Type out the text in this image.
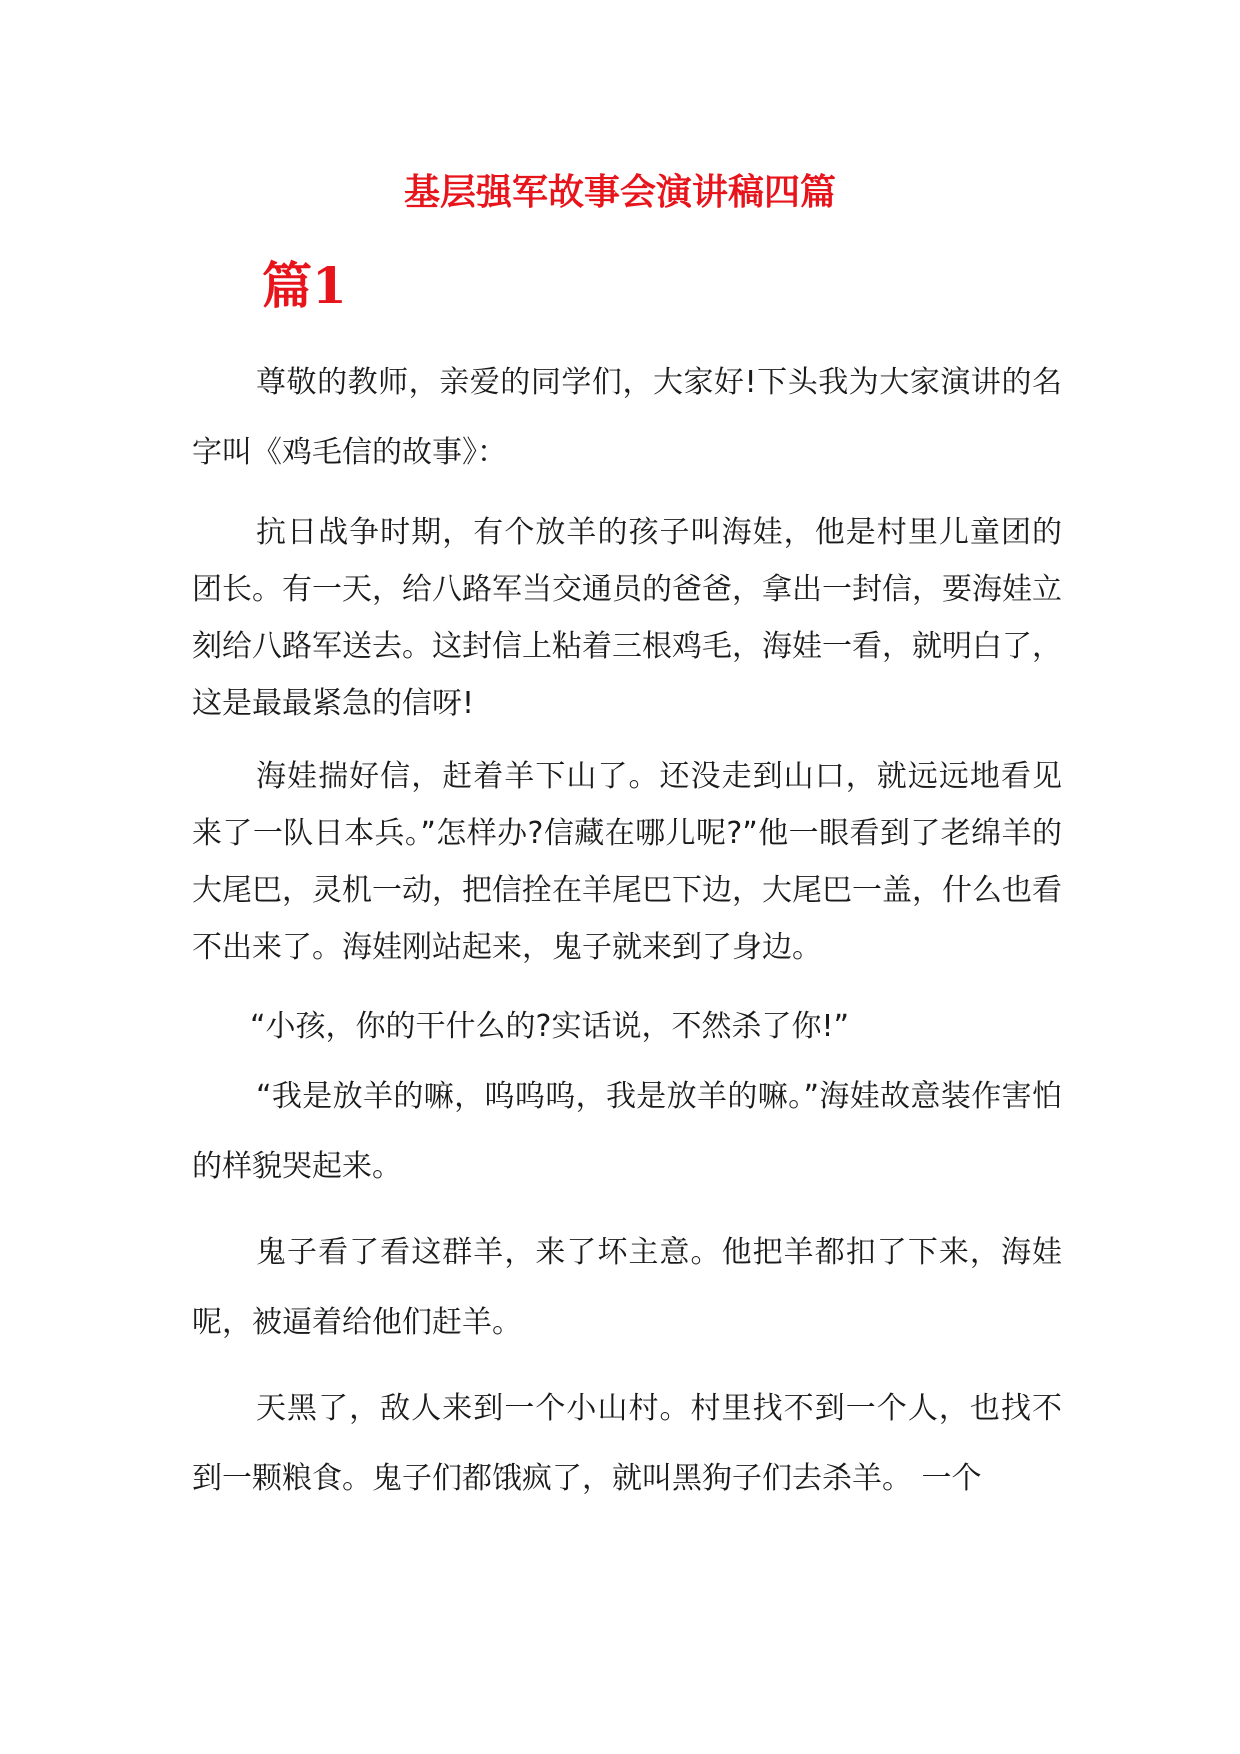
基层强军故事会演讲稿四篇
篇1

尊敬的教师，亲爱的同学们，大家好!下头我为大家演讲的名字叫《鸡毛信的故事》：

抗日战争时期，有个放羊的孩子叫海娃，他是村里儿童团的团长。有一天，给八路军当交通员的爸爸，拿出一封信，要海娃立刻给八路军送去。这封信上粘着三根鸡毛，海娃一看，就明白了，这是最最紧急的信呀!

海娃揣好信，赶着羊下山了。还没走到山口，就远远地看见来了一队日本兵。”怎样办?信藏在哪儿呢?”他一眼看到了老绵羊的大尾巴，灵机一动，把信拴在羊尾巴下边，大尾巴一盖，什么也看不出来了。海娃刚站起来，鬼子就来到了身边。

“小孩，你的干什么的?实话说，不然杀了你!”

“我是放羊的嘛，呜呜呜，我是放羊的嘛。”海娃故意装作害怕的样貌哭起来。

鬼子看了看这群羊，来了坏主意。他把羊都扣了下来，海娃呢，被逼着给他们赶羊。

天黑了，敌人来到一个小山村。村里找不到一个人，也找不到一颗粮食。鬼子们都饿疯了，就叫黑狗子们去杀羊。 一个
